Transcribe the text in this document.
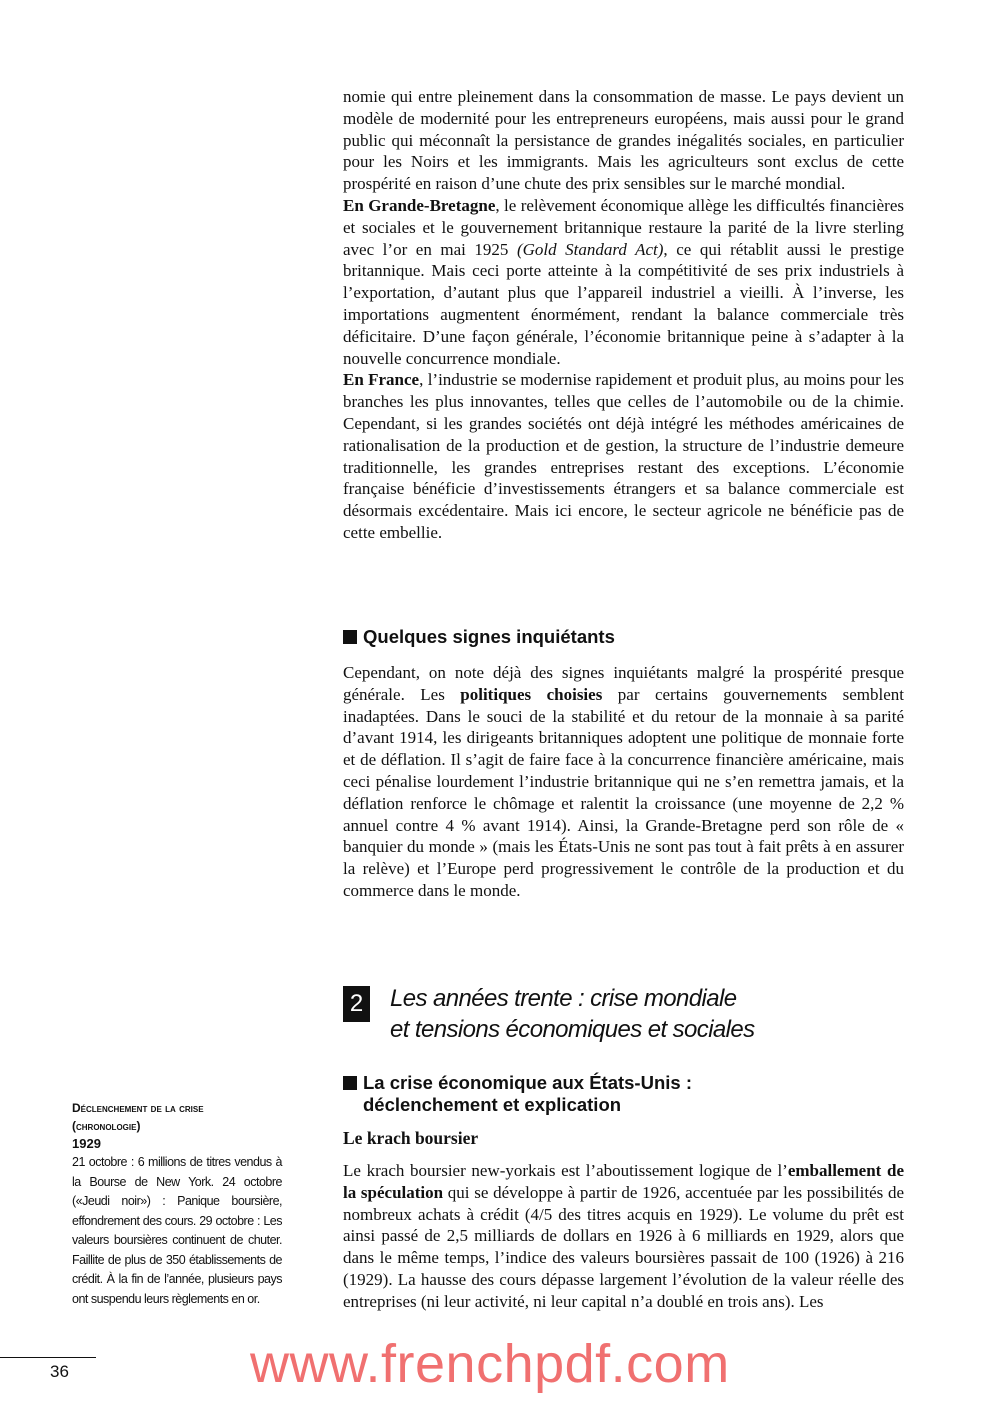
nomie qui entre pleinement dans la consommation de masse. Le pays devient un modèle de modernité pour les entrepreneurs européens, mais aussi pour le grand public qui méconnaît la persistance de grandes inégalités sociales, en particulier pour les Noirs et les immigrants. Mais les agriculteurs sont exclus de cette prospérité en raison d’une chute des prix sensibles sur le marché mondial.

En Grande-Bretagne, le relèvement économique allège les difficultés financières et sociales et le gouvernement britannique restaure la parité de la livre sterling avec l’or en mai 1925 (Gold Standard Act), ce qui rétablit aussi le prestige britannique. Mais ceci porte atteinte à la compétitivité de ses prix industriels à l’exportation, d’autant plus que l’appareil industriel a vieilli. À l’inverse, les importations augmentent énormément, rendant la balance commerciale très déficitaire. D’une façon générale, l’économie britannique peine à s’adapter à la nouvelle concurrence mondiale.

En France, l’industrie se modernise rapidement et produit plus, au moins pour les branches les plus innovantes, telles que celles de l’automobile ou de la chimie. Cependant, si les grandes sociétés ont déjà intégré les méthodes américaines de rationalisation de la production et de gestion, la structure de l’industrie demeure traditionnelle, les grandes entreprises restant des exceptions. L’économie française bénéficie d’investissements étrangers et sa balance commerciale est désormais excédentaire. Mais ici encore, le secteur agricole ne bénéficie pas de cette embellie.

Quelques signes inquiétants

Cependant, on note déjà des signes inquiétants malgré la prospérité presque générale. Les politiques choisies par certains gouvernements semblent inadaptées. Dans le souci de la stabilité et du retour de la monnaie à sa parité d’avant 1914, les dirigeants britanniques adoptent une politique de monnaie forte et de déflation. Il s’agit de faire face à la concurrence financière américaine, mais ceci pénalise lourdement l’industrie britannique qui ne s’en remettra jamais, et la déflation renforce le chômage et ralentit la croissance (une moyenne de 2,2 % annuel contre 4 % avant 1914). Ainsi, la Grande-Bretagne perd son rôle de « banquier du monde » (mais les États-Unis ne sont pas tout à fait prêts à en assurer la relève) et l’Europe perd progressivement le contrôle de la production et du commerce dans le monde.

2 Les années trente : crise mondiale
et tensions économiques et sociales
La crise économique aux États-Unis :
déclenchement et explication
Le krach boursier
Le krach boursier new-yorkais est l’aboutissement logique de l’emballement de la spéculation qui se développe à partir de 1926, accentuée par les possibilités de nombreux achats à crédit (4/5 des titres acquis en 1929). Le volume du prêt est ainsi passé de 2,5 milliards de dollars en 1926 à 6 milliards en 1929, alors que dans le même temps, l’indice des valeurs boursières passait de 100 (1926) à 216 (1929). La hausse des cours dépasse largement l’évolution de la valeur réelle des entreprises (ni leur activité, ni leur capital n’a doublé en trois ans). Les
Déclenchement de la crise
(chronologie)
1929
21 octobre : 6 millions de titres vendus à la Bourse de New York. 24 octobre («Jeudi noir») : Panique boursière, effondrement des cours. 29 octobre : Les valeurs boursières continuent de chuter. Faillite de plus de 350 établissements de crédit. À la fin de l’année, plusieurs pays ont suspendu leurs règlements en or.
36	www.frenchpdf.com
